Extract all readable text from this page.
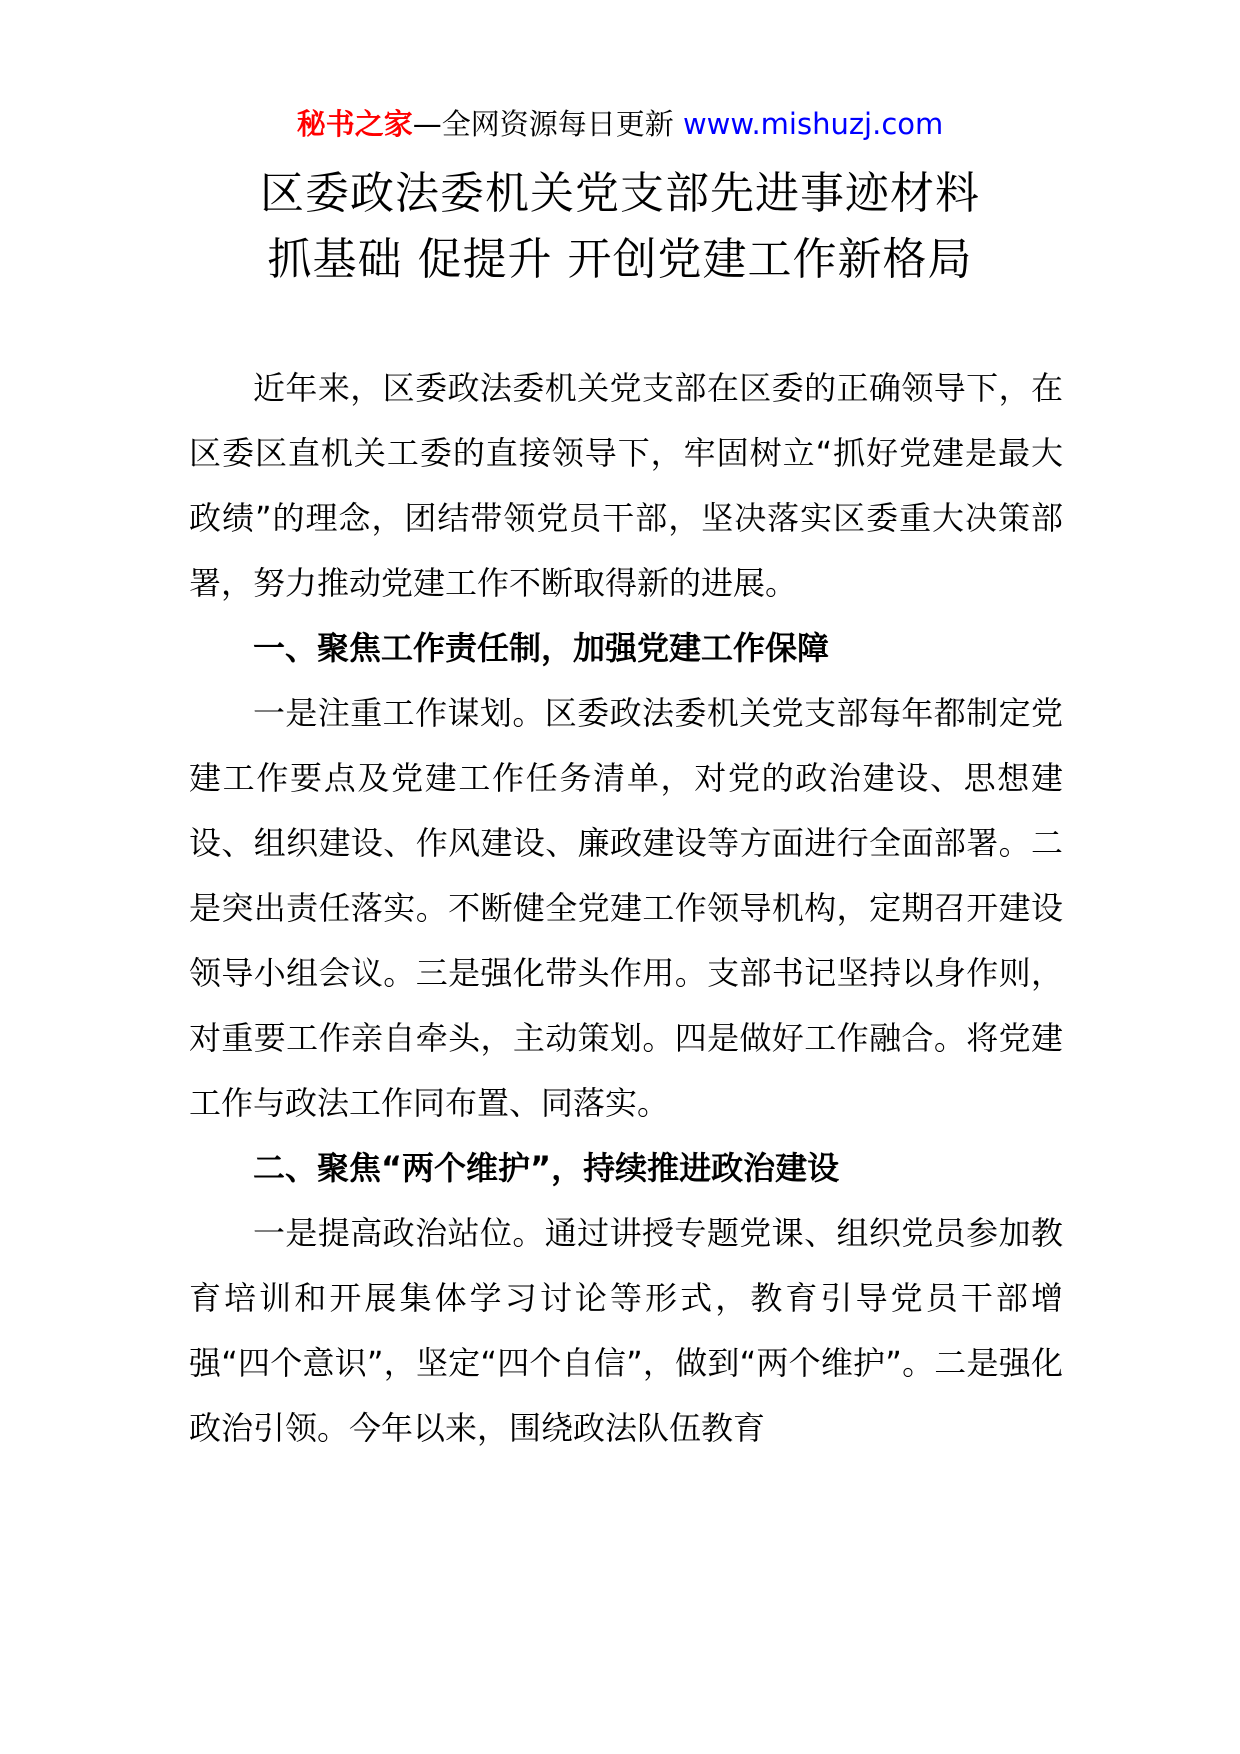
秘书之家—全网资源每日更新 www.mishuzj.com
区委政法委机关党支部先进事迹材料
抓基础 促提升 开创党建工作新格局

近年来，区委政法委机关党支部在区委的正确领导下，在区委区直机关工委的直接领导下，牢固树立“抓好党建是最大政绩”的理念，团结带领党员干部，坚决落实区委重大决策部署，努力推动党建工作不断取得新的进展。

一、聚焦工作责任制，加强党建工作保障

一是注重工作谋划。区委政法委机关党支部每年都制定党建工作要点及党建工作任务清单，对党的政治建设、思想建设、组织建设、作风建设、廉政建设等方面进行全面部署。二是突出责任落实。不断健全党建工作领导机构，定期召开建设领导小组会议。三是强化带头作用。支部书记坚持以身作则，对重要工作亲自牵头，主动策划。四是做好工作融合。将党建工作与政法工作同布置、同落实。

二、聚焦“两个维护”，持续推进政治建设

一是提高政治站位。通过讲授专题党课、组织党员参加教育培训和开展集体学习讨论等形式，教育引导党员干部增强“四个意识”，坚定“四个自信”，做到“两个维护”。二是强化政治引领。今年以来，围绕政法队伍教育
